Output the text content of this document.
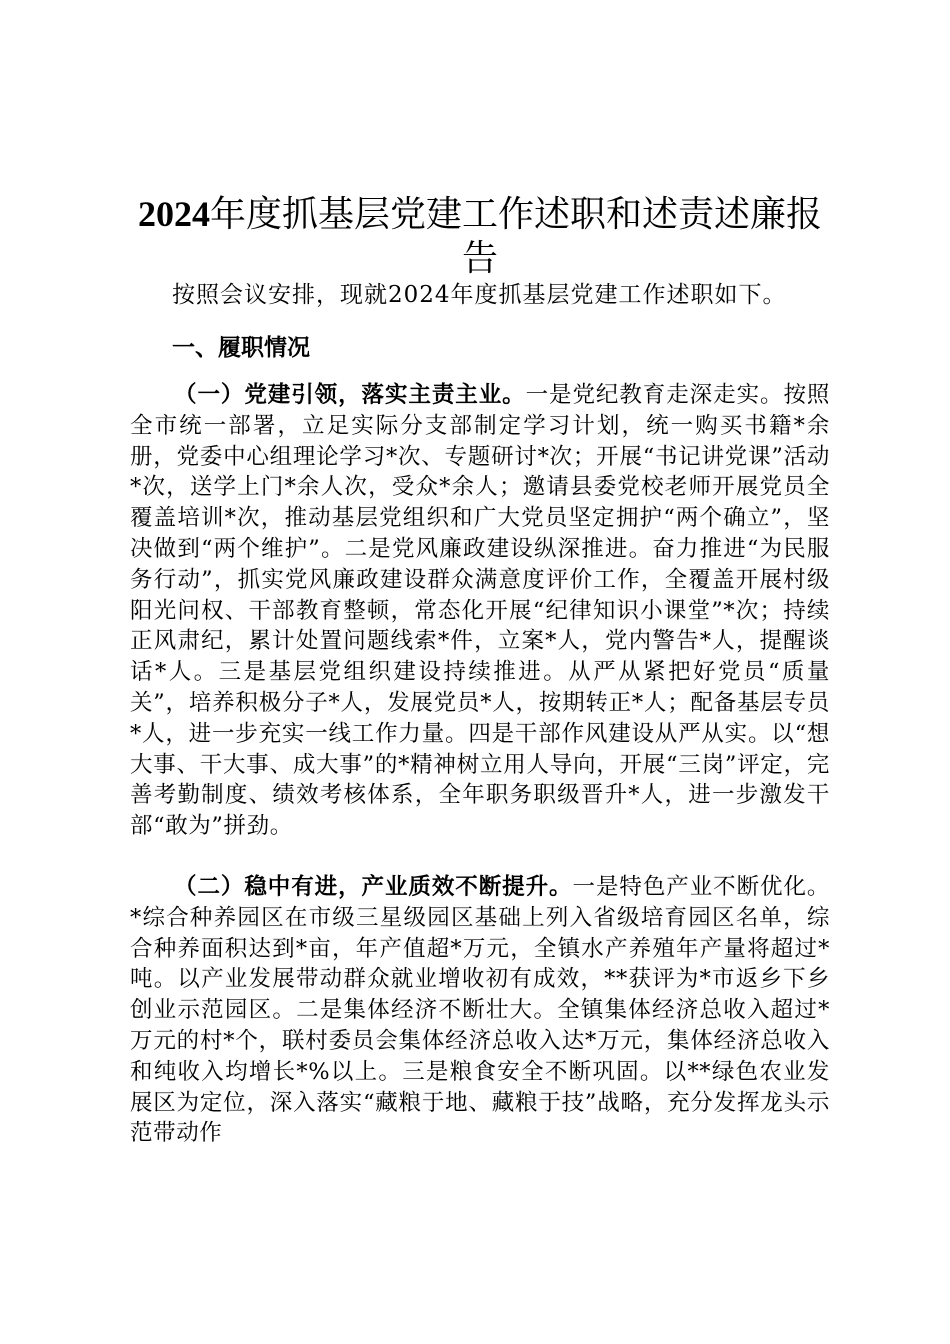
2024年度抓基层党建工作述职和述责述廉报告

按照会议安排，现就2024年度抓基层党建工作述职如下。

一、履职情况

（一）党建引领，落实主责主业。一是党纪教育走深走实。按照全市统一部署，立足实际分支部制定学习计划，统一购买书籍*余册，党委中心组理论学习*次、专题研讨*次；开展“书记讲党课”活动*次，送学上门*余人次，受众*余人；邀请县委党校老师开展党员全覆盖培训*次，推动基层党组织和广大党员坚定拥护“两个确立”，坚决做到“两个维护”。二是党风廉政建设纵深推进。奋力推进“为民服务行动”，抓实党风廉政建设群众满意度评价工作，全覆盖开展村级阳光问权、干部教育整顿，常态化开展“纪律知识小课堂”*次；持续正风肃纪，累计处置问题线索*件，立案*人，党内警告*人，提醒谈话*人。三是基层党组织建设持续推进。从严从紧把好党员“质量关”，培养积极分子*人，发展党员*人，按期转正*人；配备基层专员*人，进一步充实一线工作力量。四是干部作风建设从严从实。以“想大事、干大事、成大事”的*精神树立用人导向，开展“三岗”评定，完善考勤制度、绩效考核体系，全年职务职级晋升*人，进一步激发干部“敢为”拼劲。

（二）稳中有进，产业质效不断提升。一是特色产业不断优化。*综合种养园区在市级三星级园区基础上列入省级培育园区名单，综合种养面积达到*亩，年产值超*万元，全镇水产养殖年产量将超过*吨。以产业发展带动群众就业增收初有成效，**获评为*市返乡下乡创业示范园区。二是集体经济不断壮大。全镇集体经济总收入超过*万元的村*个，联村委员会集体经济总收入达*万元，集体经济总收入和纯收入均增长*%以上。三是粮食安全不断巩固。以**绿色农业发展区为定位，深入落实“藏粮于地、藏粮于技”战略，充分发挥龙头示范带动作
